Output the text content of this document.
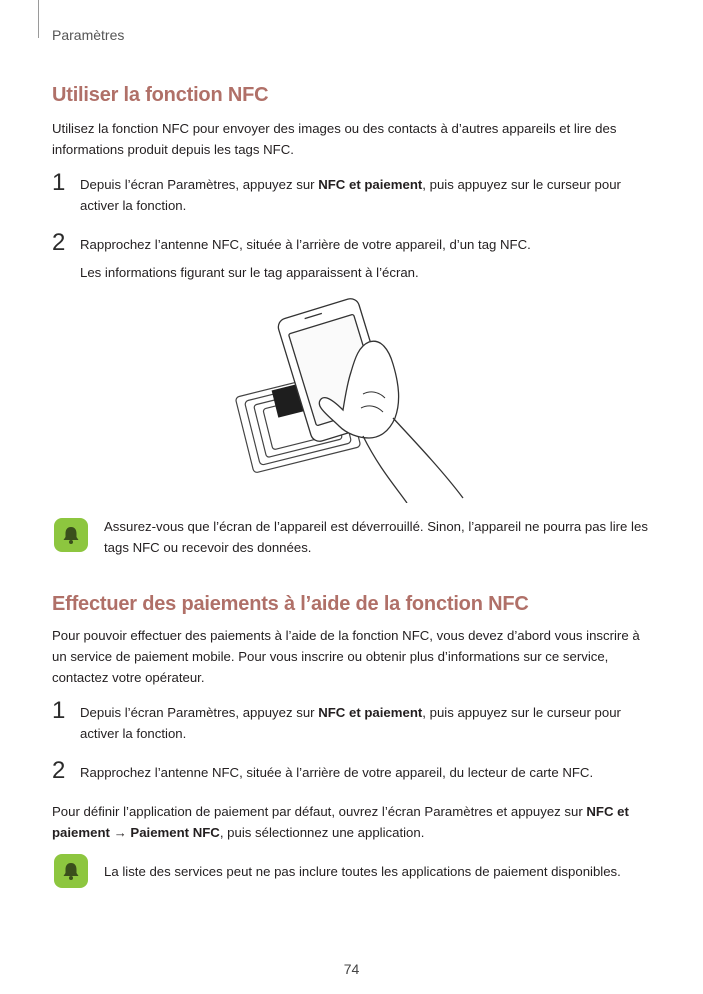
Paramètres
Utiliser la fonction NFC

Utilisez la fonction NFC pour envoyer des images ou des contacts à d’autres appareils et lire des informations produit depuis les tags NFC.

1 Depuis l’écran Paramètres, appuyez sur NFC et paiement, puis appuyez sur le curseur pour activer la fonction.
2 Rapprochez l’antenne NFC, située à l’arrière de votre appareil, d’un tag NFC.
Les informations figurant sur le tag apparaissent à l’écran.
Assurez-vous que l’écran de l’appareil est déverrouillé. Sinon, l’appareil ne pourra pas lire les tags NFC ou recevoir des données.
Effectuer des paiements à l’aide de la fonction NFC

Pour pouvoir effectuer des paiements à l’aide de la fonction NFC, vous devez d’abord vous inscrire à un service de paiement mobile. Pour vous inscrire ou obtenir plus d’informations sur ce service, contactez votre opérateur.

1 Depuis l’écran Paramètres, appuyez sur NFC et paiement, puis appuyez sur le curseur pour activer la fonction.
2 Rapprochez l’antenne NFC, située à l’arrière de votre appareil, du lecteur de carte NFC.

Pour définir l’application de paiement par défaut, ouvrez l’écran Paramètres et appuyez sur NFC et paiement → Paiement NFC, puis sélectionnez une application.

La liste des services peut ne pas inclure toutes les applications de paiement disponibles.
74
